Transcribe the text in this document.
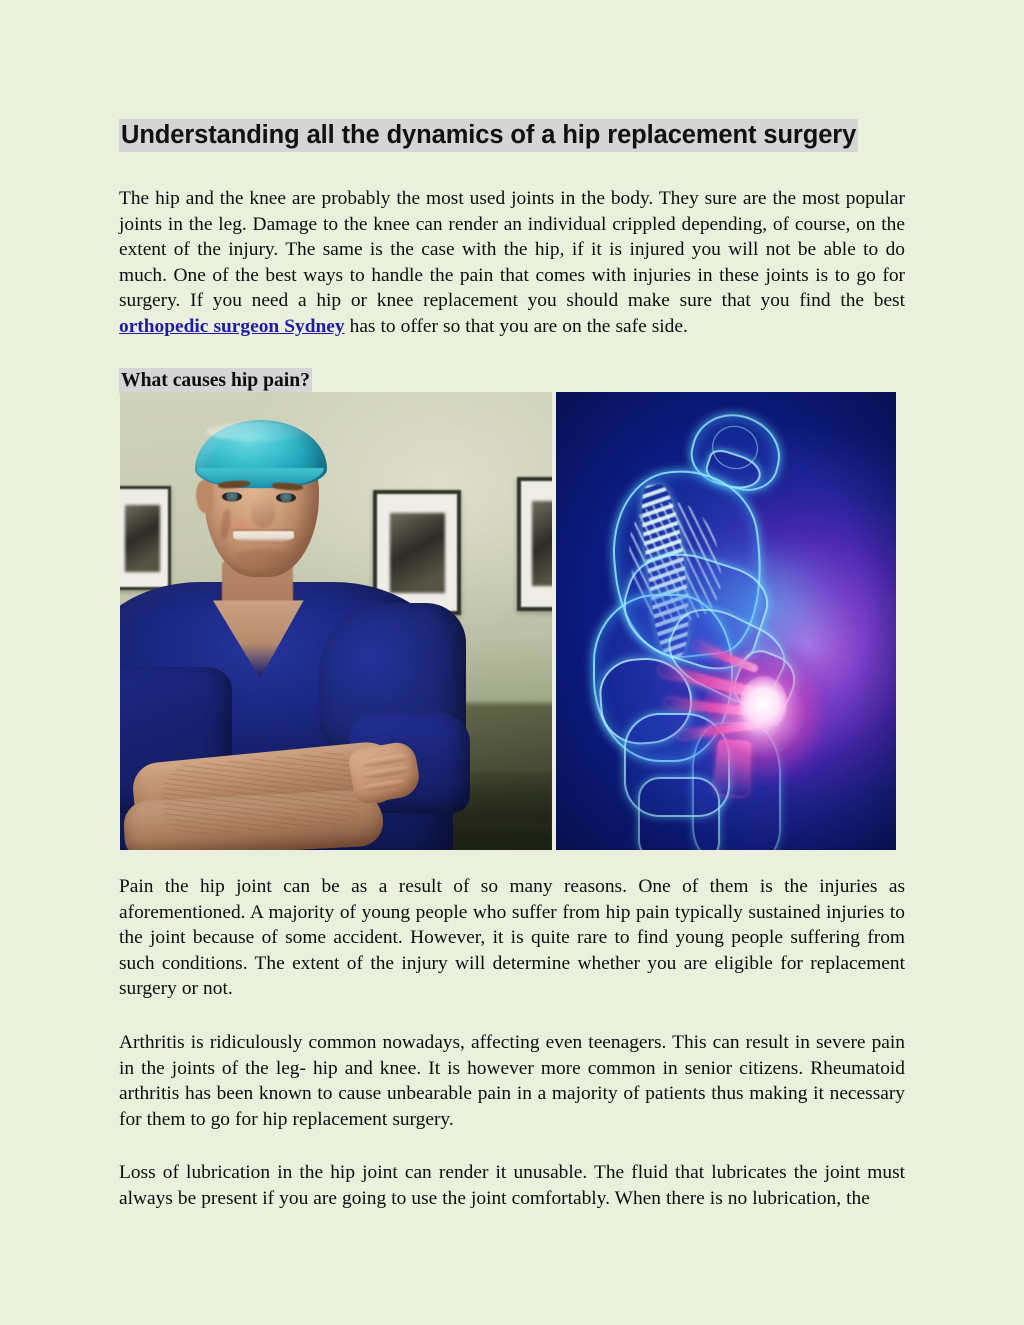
Understanding all the dynamics of a hip replacement surgery

The hip and the knee are probably the most used joints in the body. They sure are the most popular joints in the leg. Damage to the knee can render an individual crippled depending, of course, on the extent of the injury. The same is the case with the hip, if it is injured you will not be able to do much. One of the best ways to handle the pain that comes with injuries in these joints is to go for surgery. If you need a hip or knee replacement you should make sure that you find the best orthopedic surgeon Sydney has to offer so that you are on the safe side.

What causes hip pain?

Pain the hip joint can be as a result of so many reasons. One of them is the injuries as aforementioned. A majority of young people who suffer from hip pain typically sustained injuries to the joint because of some accident. However, it is quite rare to find young people suffering from such conditions. The extent of the injury will determine whether you are eligible for replacement surgery or not.

Arthritis is ridiculously common nowadays, affecting even teenagers. This can result in severe pain in the joints of the leg- hip and knee. It is however more common in senior citizens. Rheumatoid arthritis has been known to cause unbearable pain in a majority of patients thus making it necessary for them to go for hip replacement surgery.

Loss of lubrication in the hip joint can render it unusable. The fluid that lubricates the joint must always be present if you are going to use the joint comfortably. When there is no lubrication, the
